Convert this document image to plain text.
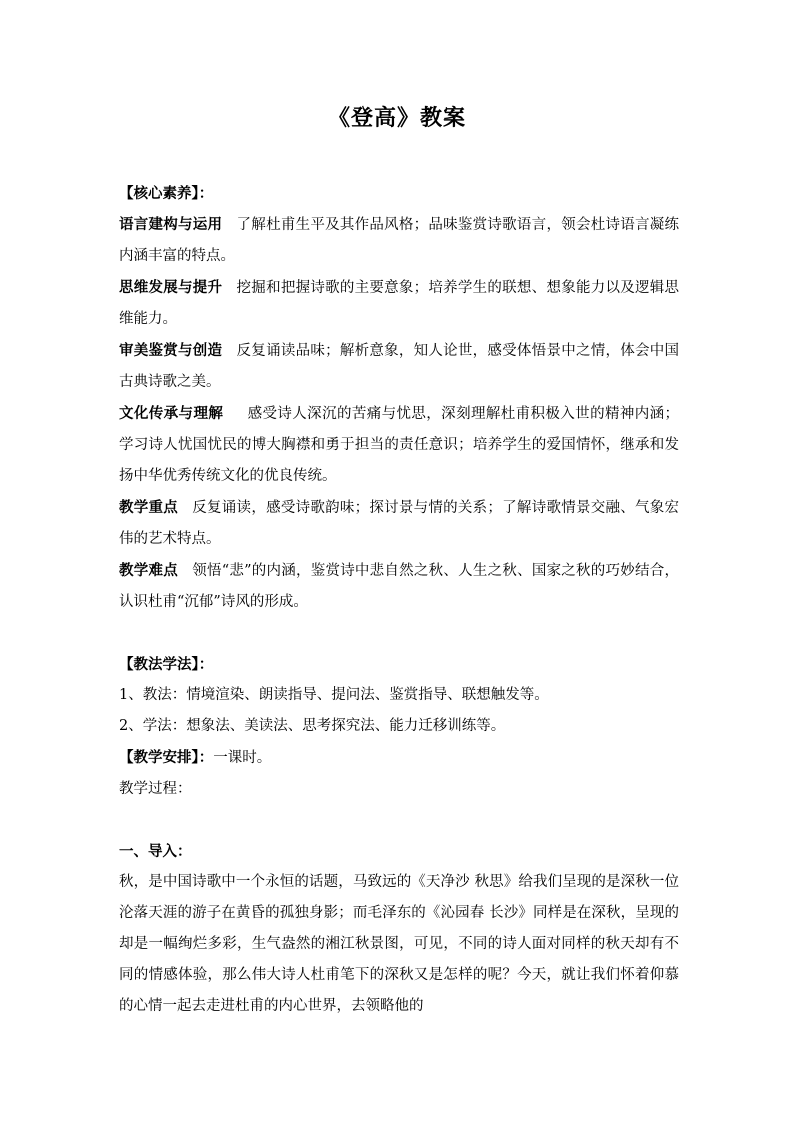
《登高》教案

【核心素养】：

语言建构与运用 了解杜甫生平及其作品风格；品味鉴赏诗歌语言，领会杜诗语言凝练内涵丰富的特点。

思维发展与提升 挖掘和把握诗歌的主要意象；培养学生的联想、想象能力以及逻辑思维能力。

审美鉴赏与创造 反复诵读品味；解析意象，知人论世，感受体悟景中之情，体会中国古典诗歌之美。

文化传承与理解 感受诗人深沉的苦痛与忧思，深刻理解杜甫积极入世的精神内涵；学习诗人忧国忧民的博大胸襟和勇于担当的责任意识；培养学生的爱国情怀，继承和发扬中华优秀传统文化的优良传统。

教学重点 反复诵读，感受诗歌韵味；探讨景与情的关系；了解诗歌情景交融、气象宏伟的艺术特点。

教学难点 领悟“悲”的内涵，鉴赏诗中悲自然之秋、人生之秋、国家之秋的巧妙结合，认识杜甫“沉郁”诗风的形成。

【教法学法】：

1、教法：情境渲染、朗读指导、提问法、鉴赏指导、联想触发等。

2、学法：想象法、美读法、思考探究法、能力迁移训练等。

【教学安排】：一课时。

教学过程：

一、导入：

秋，是中国诗歌中一个永恒的话题，马致远的《天净沙 秋思》给我们呈现的是深秋一位沦落天涯的游子在黄昏的孤独身影；而毛泽东的《沁园春 长沙》同样是在深秋，呈现的却是一幅绚烂多彩，生气盎然的湘江秋景图，可见，不同的诗人面对同样的秋天却有不同的情感体验，那么伟大诗人杜甫笔下的深秋又是怎样的呢？今天，就让我们怀着仰慕的心情一起去走进杜甫的内心世界，去领略他的
